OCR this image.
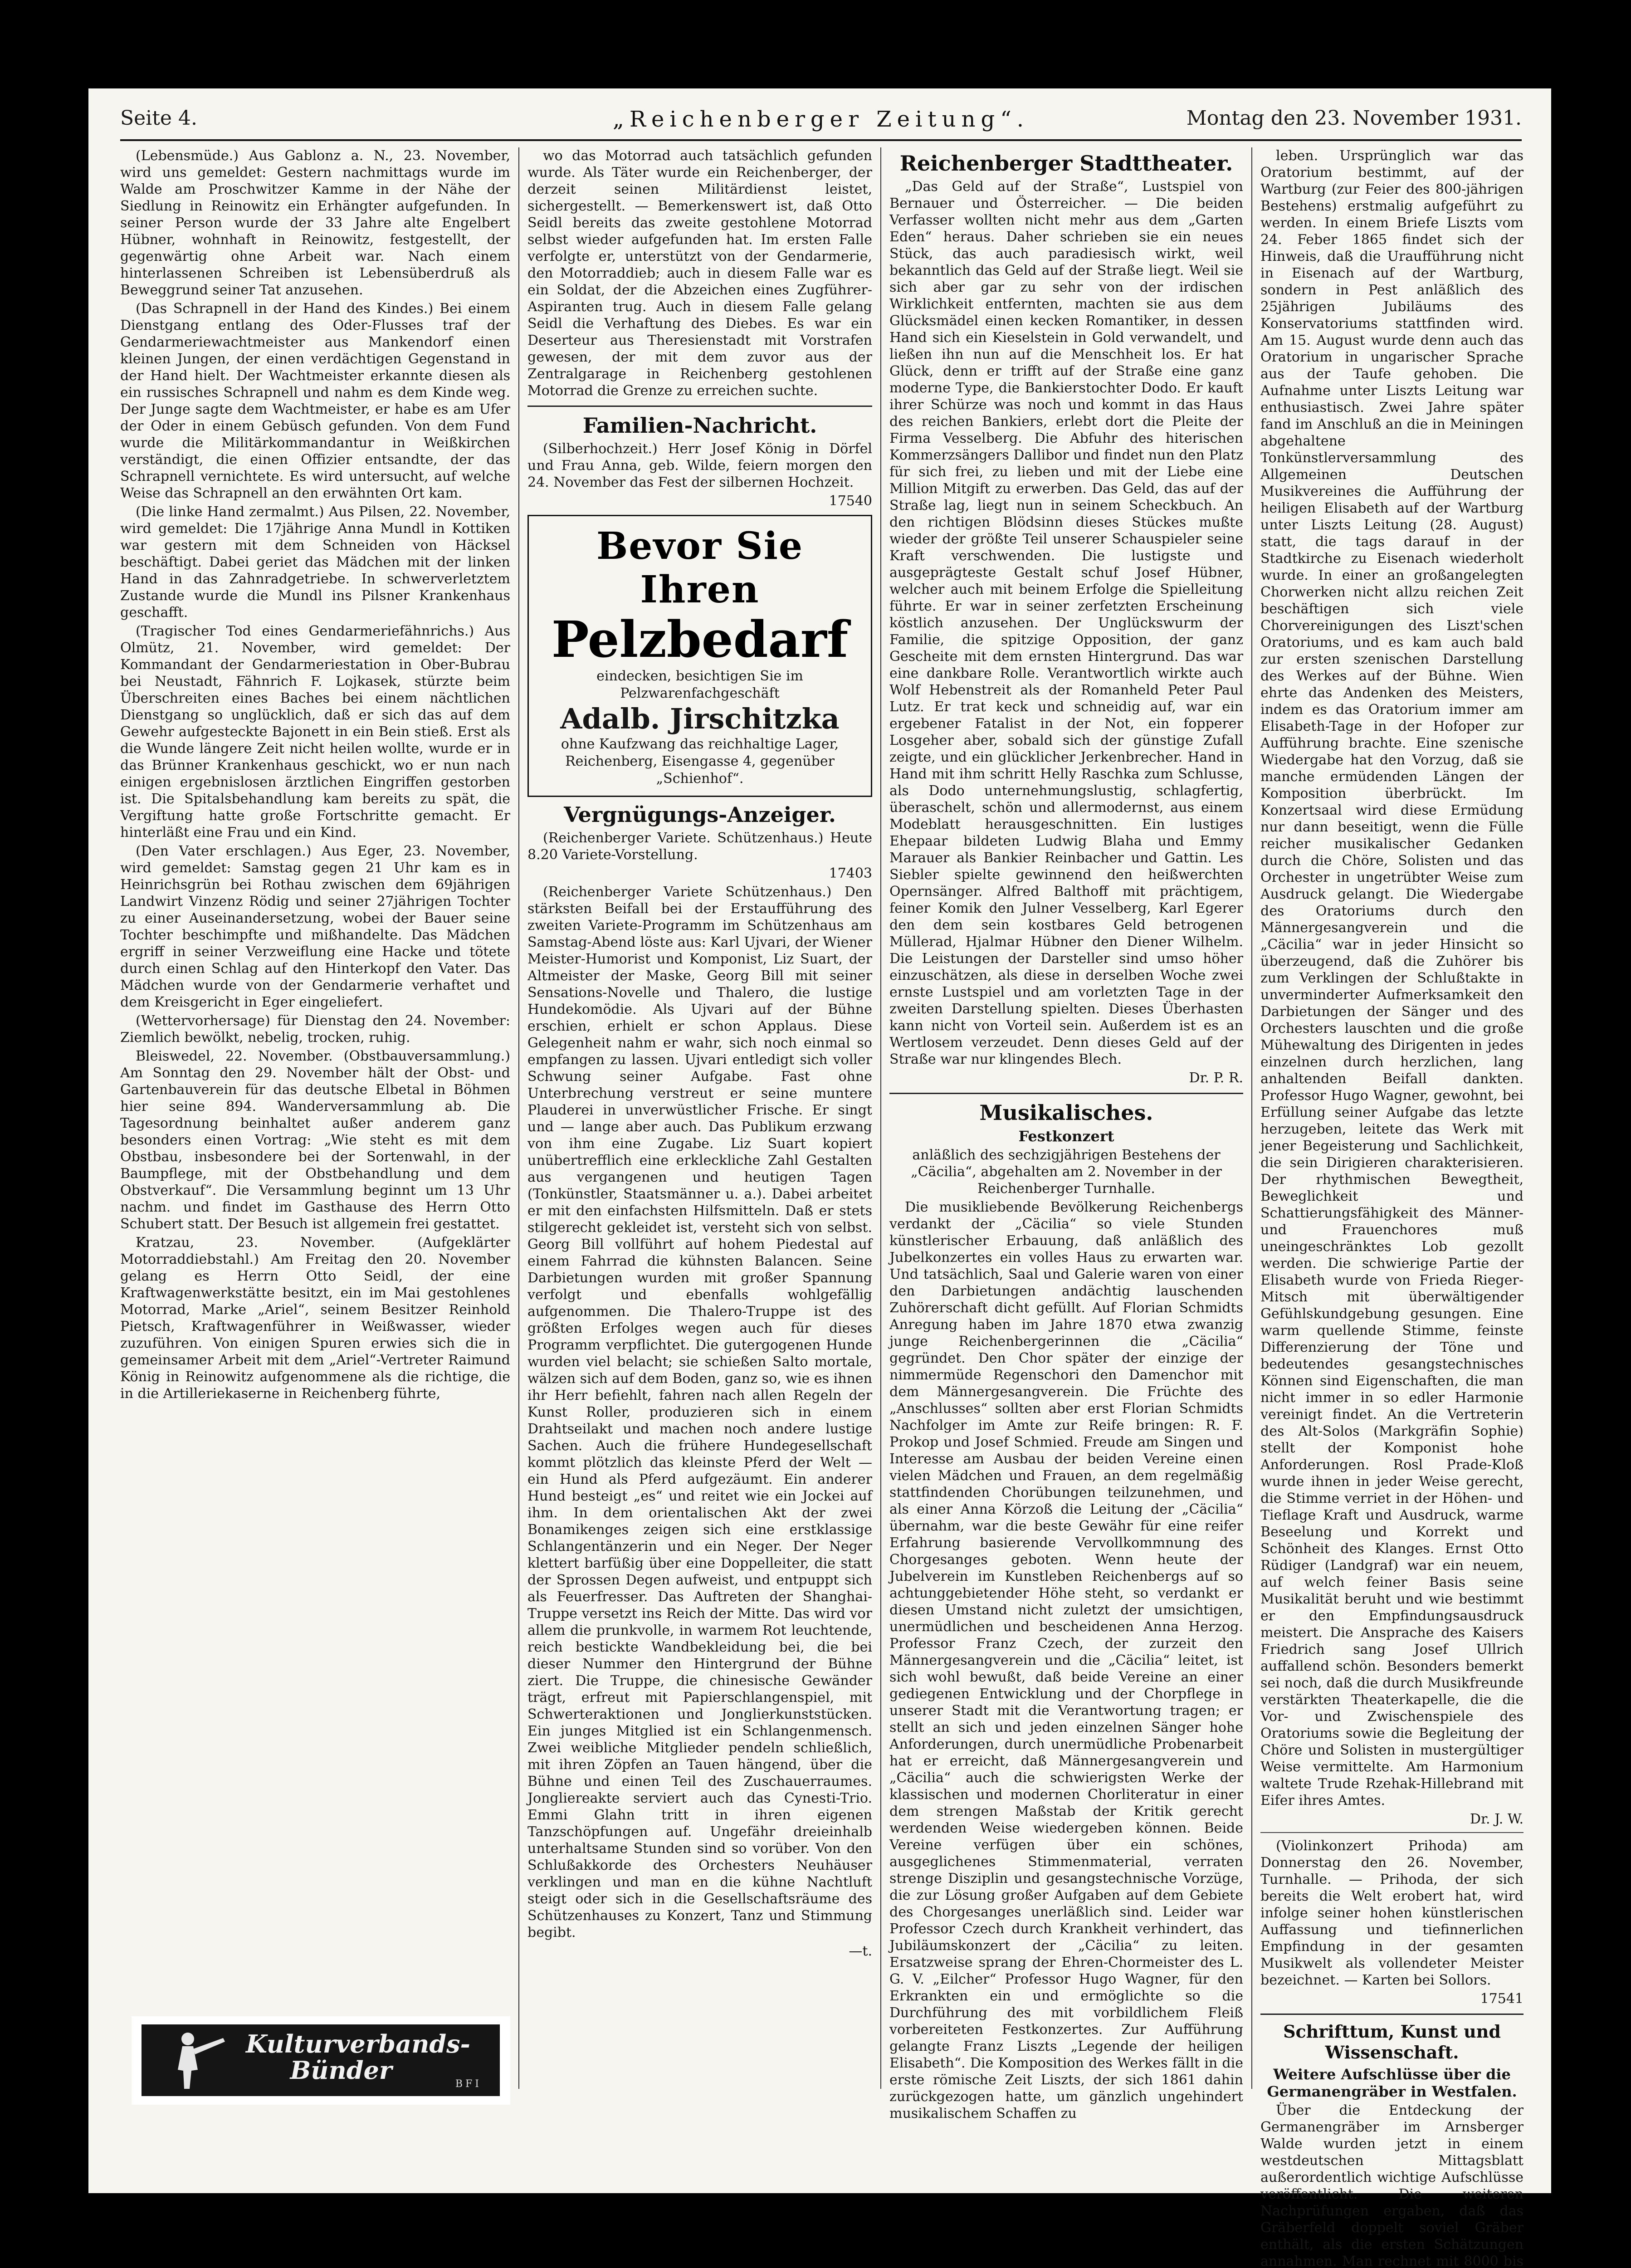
Seite 4.	„Reichenberger Zeitung“.	Montag den 23. November 1931.

(Lebensmüde.) Aus Gablonz a. N., 23. November, wird uns gemeldet: Gestern nachmittags wurde im Walde am Proschwitzer Kamme in der Nähe der Siedlung in Reinowitz ein Erhängter aufgefunden. In seiner Person wurde der 33 Jahre alte Engelbert Hübner, wohnhaft in Reinowitz, festgestellt, der gegenwärtig ohne Arbeit war. Nach einem hinterlassenen Schreiben ist Lebensüberdruß als Beweggrund seiner Tat anzusehen.

(Das Schrapnell in der Hand des Kindes.) Bei einem Dienstgang entlang des Oder-Flusses traf der Gendarmeriewachtmeister aus Mankendorf einen kleinen Jungen, der einen verdächtigen Gegenstand in der Hand hielt. Der Wachtmeister erkannte diesen als ein russisches Schrapnell und nahm es dem Kinde weg. Der Junge sagte dem Wachtmeister, er habe es am Ufer der Oder in einem Gebüsch gefunden. Von dem Fund wurde die Militärkommandantur in Weißkirchen verständigt, die einen Offizier entsandte, der das Schrapnell vernichtete. Es wird untersucht, auf welche Weise das Schrapnell an den erwähnten Ort kam.

(Die linke Hand zermalmt.) Aus Pilsen, 22. November, wird gemeldet: Die 17jährige Anna Mundl in Kottiken war gestern mit dem Schneiden von Häcksel beschäftigt. Dabei geriet das Mädchen mit der linken Hand in das Zahnradgetriebe. In schwerverletztem Zustande wurde die Mundl ins Pilsner Krankenhaus geschafft.

(Tragischer Tod eines Gendarmeriefähnrichs.) Aus Olmütz, 21. November, wird gemeldet: Der Kommandant der Gendarmeriestation in Ober-Bubrau bei Neustadt, Fähnrich F. Lojkasek, stürzte beim Überschreiten eines Baches bei einem nächtlichen Dienstgang so unglücklich, daß er sich das auf dem Gewehr aufgesteckte Bajonett in ein Bein stieß. Erst als die Wunde längere Zeit nicht heilen wollte, wurde er in das Brünner Krankenhaus geschickt, wo er nun nach einigen ergebnislosen ärztlichen Eingriffen gestorben ist. Die Spitalsbehandlung kam bereits zu spät, die Vergiftung hatte große Fortschritte gemacht. Er hinterläßt eine Frau und ein Kind.

(Den Vater erschlagen.) Aus Eger, 23. November, wird gemeldet: Samstag gegen 21 Uhr kam es in Heinrichsgrün bei Rothau zwischen dem 69jährigen Landwirt Vinzenz Rödig und seiner 27jährigen Tochter zu einer Auseinandersetzung, wobei der Bauer seine Tochter beschimpfte und mißhandelte. Das Mädchen ergriff in seiner Verzweiflung eine Hacke und tötete durch einen Schlag auf den Hinterkopf den Vater. Das Mädchen wurde von der Gendarmerie verhaftet und dem Kreisgericht in Eger eingeliefert.

(Wettervorhersage) für Dienstag den 24. November: Ziemlich bewölkt, nebelig, trocken, ruhig.

Bleiswedel, 22. November. (Obstbauversammlung.) Am Sonntag den 29. November hält der Obst- und Gartenbauverein für das deutsche Elbetal in Böhmen hier seine 894. Wanderversammlung ab. Die Tagesordnung beinhaltet außer anderem ganz besonders einen Vortrag: „Wie steht es mit dem Obstbau, insbesondere bei der Sortenwahl, in der Baumpflege, mit der Obstbehandlung und dem Obstverkauf“. Die Versammlung beginnt um 13 Uhr nachm. und findet im Gasthause des Herrn Otto Schubert statt. Der Besuch ist allgemein frei gestattet.

Kratzau, 23. November. (Aufgeklärter Motorraddiebstahl.) Am Freitag den 20. November gelang es Herrn Otto Seidl, der eine Kraftwagenwerkstätte besitzt, ein im Mai gestohlenes Motorrad, Marke „Ariel“, seinem Besitzer Reinhold Pietsch, Kraftwagenführer in Weißwasser, wieder zuzuführen. Von einigen Spuren erwies sich die in gemeinsamer Arbeit mit dem „Ariel“-Vertreter Raimund König in Reinowitz aufgenommene als die richtige, die in die Artilleriekaserne in Reichenberg führte,

Kulturverbands-Bünder	BFI

wo das Motorrad auch tatsächlich gefunden wurde. Als Täter wurde ein Reichenberger, der derzeit seinen Militärdienst leistet, sichergestellt. — Bemerkenswert ist, daß Otto Seidl bereits das zweite gestohlene Motorrad selbst wieder aufgefunden hat. Im ersten Falle verfolgte er, unterstützt von der Gendarmerie, den Motorraddieb; auch in diesem Falle war es ein Soldat, der die Abzeichen eines Zugführer-Aspiranten trug. Auch in diesem Falle gelang Seidl die Verhaftung des Diebes. Es war ein Deserteur aus Theresienstadt mit Vorstrafen gewesen, der mit dem zuvor aus der Zentralgarage in Reichenberg gestohlenen Motorrad die Grenze zu erreichen suchte.

Familien-Nachricht.

(Silberhochzeit.) Herr Josef König in Dörfel und Frau Anna, geb. Wilde, feiern morgen den 24. November das Fest der silbernen Hochzeit.

17540

Bevor Sie Ihren
Pelzbedarf
eindecken, besichtigen Sie im Pelzwarenfachgeschäft
Adalb. Jirschitzka
ohne Kaufzwang das reichhaltige Lager, Reichenberg, Eisengasse 4, gegenüber „Schienhof“.
Vergnügungs-Anzeiger.

(Reichenberger Variete. Schützenhaus.) Heute 8.20 Variete-Vorstellung.

17403

(Reichenberger Variete Schützenhaus.) Den stärksten Beifall bei der Erstaufführung des zweiten Variete-Programm im Schützenhaus am Samstag-Abend löste aus: Karl Ujvari, der Wiener Meister-Humorist und Komponist, Liz Suart, der Altmeister der Maske, Georg Bill mit seiner Sensations-Novelle und Thalero, die lustige Hundekomödie. Als Ujvari auf der Bühne erschien, erhielt er schon Applaus. Diese Gelegenheit nahm er wahr, sich noch einmal so empfangen zu lassen. Ujvari entledigt sich voller Schwung seiner Aufgabe. Fast ohne Unterbrechung verstreut er seine muntere Plauderei in unverwüstlicher Frische. Er singt und — lange aber auch. Das Publikum erzwang von ihm eine Zugabe. Liz Suart kopiert unübertrefflich eine erkleckliche Zahl Gestalten aus vergangenen und heutigen Tagen (Tonkünstler, Staatsmänner u. a.). Dabei arbeitet er mit den einfachsten Hilfsmitteln. Daß er stets stilgerecht gekleidet ist, versteht sich von selbst. Georg Bill vollführt auf hohem Piedestal auf einem Fahrrad die kühnsten Balancen. Seine Darbietungen wurden mit großer Spannung verfolgt und ebenfalls wohlgefällig aufgenommen. Die Thalero-Truppe ist des größten Erfolges wegen auch für dieses Programm verpflichtet. Die gutergogenen Hunde wurden viel belacht; sie schießen Salto mortale, wälzen sich auf dem Boden, ganz so, wie es ihnen ihr Herr befiehlt, fahren nach allen Regeln der Kunst Roller, produzieren sich in einem Drahtseilakt und machen noch andere lustige Sachen. Auch die frühere Hundegesellschaft kommt plötzlich das kleinste Pferd der Welt — ein Hund als Pferd aufgezäumt. Ein anderer Hund besteigt „es“ und reitet wie ein Jockei auf ihm. In dem orientalischen Akt der zwei Bonamikenges zeigen sich eine erstklassige Schlangentänzerin und ein Neger. Der Neger klettert barfüßig über eine Doppelleiter, die statt der Sprossen Degen aufweist, und entpuppt sich als Feuerfresser. Das Auftreten der Shanghai-Truppe versetzt ins Reich der Mitte. Das wird vor allem die prunkvolle, in warmem Rot leuchtende, reich bestickte Wandbekleidung bei, die bei dieser Nummer den Hintergrund der Bühne ziert. Die Truppe, die chinesische Gewänder trägt, erfreut mit Papierschlangenspiel, mit Schwerteraktionen und Jonglierkunststücken. Ein junges Mitglied ist ein Schlangenmensch. Zwei weibliche Mitglieder pendeln schließlich, mit ihren Zöpfen an Tauen hängend, über die Bühne und einen Teil des Zuschauerraumes. Jongliereakte serviert auch das Cynesti-Trio. Emmi Glahn tritt in ihren eigenen Tanzschöpfungen auf. Ungefähr dreieinhalb unterhaltsame Stunden sind so vorüber. Von den Schlußakkorde des Orchesters Neuhäuser verklingen und man en die kühne Nachtluft steigt oder sich in die Gesellschaftsräume des Schützenhauses zu Konzert, Tanz und Stimmung begibt.

—t.

Reichenberger Stadttheater.

„Das Geld auf der Straße“, Lustspiel von Bernauer und Österreicher. — Die beiden Verfasser wollten nicht mehr aus dem „Garten Eden“ heraus. Daher schrieben sie ein neues Stück, das auch paradiesisch wirkt, weil bekanntlich das Geld auf der Straße liegt. Weil sie sich aber gar zu sehr von der irdischen Wirklichkeit entfernten, machten sie aus dem Glücksmädel einen kecken Romantiker, in dessen Hand sich ein Kieselstein in Gold verwandelt, und ließen ihn nun auf die Menschheit los. Er hat Glück, denn er trifft auf der Straße eine ganz moderne Type, die Bankierstochter Dodo. Er kauft ihrer Schürze was noch und kommt in das Haus des reichen Bankiers, erlebt dort die Pleite der Firma Vesselberg. Die Abfuhr des hiterischen Kommerzsängers Dallibor und findet nun den Platz für sich frei, zu lieben und mit der Liebe eine Million Mitgift zu erwerben. Das Geld, das auf der Straße lag, liegt nun in seinem Scheckbuch. An den richtigen Blödsinn dieses Stückes mußte wieder der größte Teil unserer Schauspieler seine Kraft verschwenden. Die lustigste und ausgeprägteste Gestalt schuf Josef Hübner, welcher auch mit beinem Erfolge die Spielleitung führte. Er war in seiner zerfetzten Erscheinung köstlich anzusehen. Der Unglückswurm der Familie, die spitzige Opposition, der ganz Gescheite mit dem ernsten Hintergrund. Das war eine dankbare Rolle. Verantwortlich wirkte auch Wolf Hebenstreit als der Romanheld Peter Paul Lutz. Er trat keck und schneidig auf, war ein ergebener Fatalist in der Not, ein fopperer Losgeher aber, sobald sich der günstige Zufall zeigte, und ein glücklicher Jerkenbrecher. Hand in Hand mit ihm schritt Helly Raschka zum Schlusse, als Dodo unternehmungslustig, schlagfertig, überaschelt, schön und allermodernst, aus einem Modeblatt herausgeschnitten. Ein lustiges Ehepaar bildeten Ludwig Blaha und Emmy Marauer als Bankier Reinbacher und Gattin. Les Siebler spielte gewinnend den heißwerchten Opernsänger. Alfred Balthoff mit prächtigem, feiner Komik den Julner Vesselberg, Karl Egerer den dem sein kostbares Geld betrogenen Müllerad, Hjalmar Hübner den Diener Wilhelm. Die Leistungen der Darsteller sind umso höher einzuschätzen, als diese in derselben Woche zwei ernste Lustspiel und am vorletzten Tage in der zweiten Darstellung spielten. Dieses Überhasten kann nicht von Vorteil sein. Außerdem ist es an Wertlosem verzeudet. Denn dieses Geld auf der Straße war nur klingendes Blech.

Dr. P. R.

Musikalisches.
Festkonzert

anläßlich des sechzigjährigen Bestehens der „Cäcilia“, abgehalten am 2. November in der Reichenberger Turnhalle.

Die musikliebende Bevölkerung Reichenbergs verdankt der „Cäcilia“ so viele Stunden künstlerischer Erbauung, daß anläßlich des Jubelkonzertes ein volles Haus zu erwarten war. Und tatsächlich, Saal und Galerie waren von einer den Darbietungen andächtig lauschenden Zuhörerschaft dicht gefüllt. Auf Florian Schmidts Anregung haben im Jahre 1870 etwa zwanzig junge Reichenbergerinnen die „Cäcilia“ gegründet. Den Chor später der einzige der nimmermüde Regenschori den Damenchor mit dem Männergesangverein. Die Früchte des „Anschlusses“ sollten aber erst Florian Schmidts Nachfolger im Amte zur Reife bringen: R. F. Prokop und Josef Schmied. Freude am Singen und Interesse am Ausbau der beiden Vereine einen vielen Mädchen und Frauen, an dem regelmäßig stattfindenden Chorübungen teilzunehmen, und als einer Anna Körzoß die Leitung der „Cäcilia“ übernahm, war die beste Gewähr für eine reifer Erfahrung basierende Vervollkommnung des Chorgesanges geboten. Wenn heute der Jubelverein im Kunstleben Reichenbergs auf so achtunggebietender Höhe steht, so verdankt er diesen Umstand nicht zuletzt der umsichtigen, unermüdlichen und bescheidenen Anna Herzog. Professor Franz Czech, der zurzeit den Männergesangverein und die „Cäcilia“ leitet, ist sich wohl bewußt, daß beide Vereine an einer gediegenen Entwicklung und der Chorpflege in unserer Stadt mit die Verantwortung tragen; er stellt an sich und jeden einzelnen Sänger hohe Anforderungen, durch unermüdliche Probenarbeit hat er erreicht, daß Männergesangverein und „Cäcilia“ auch die schwierigsten Werke der klassischen und modernen Chorliteratur in einer dem strengen Maßstab der Kritik gerecht werdenden Weise wiedergeben können. Beide Vereine verfügen über ein schönes, ausgeglichenes Stimmenmaterial, verraten strenge Disziplin und gesangstechnische Vorzüge, die zur Lösung großer Aufgaben auf dem Gebiete des Chorgesanges unerläßlich sind. Leider war Professor Czech durch Krankheit verhindert, das Jubiläumskonzert der „Cäcilia“ zu leiten. Ersatzweise sprang der Ehren-Chormeister des L. G. V. „Eilcher“ Professor Hugo Wagner, für den Erkrankten ein und ermöglichte so die Durchführung des mit vorbildlichem Fleiß vorbereiteten Festkonzertes. Zur Aufführung gelangte Franz Liszts „Legende der heiligen Elisabeth“. Die Komposition des Werkes fällt in die erste römische Zeit Liszts, der sich 1861 dahin zurückgezogen hatte, um gänzlich ungehindert musikalischem Schaffen zu

leben. Ursprünglich war das Oratorium bestimmt, auf der Wartburg (zur Feier des 800-jährigen Bestehens) erstmalig aufgeführt zu werden. In einem Briefe Liszts vom 24. Feber 1865 findet sich der Hinweis, daß die Uraufführung nicht in Eisenach auf der Wartburg, sondern in Pest anläßlich des 25jährigen Jubiläums des Konservatoriums stattfinden wird. Am 15. August wurde denn auch das Oratorium in ungarischer Sprache aus der Taufe gehoben. Die Aufnahme unter Liszts Leitung war enthusiastisch. Zwei Jahre später fand im Anschluß an die in Meiningen abgehaltene Tonkünstlerversammlung des Allgemeinen Deutschen Musikvereines die Aufführung der heiligen Elisabeth auf der Wartburg unter Liszts Leitung (28. August) statt, die tags darauf in der Stadtkirche zu Eisenach wiederholt wurde. In einer an großangelegten Chorwerken nicht allzu reichen Zeit beschäftigen sich viele Chorvereinigungen des Liszt'schen Oratoriums, und es kam auch bald zur ersten szenischen Darstellung des Werkes auf der Bühne. Wien ehrte das Andenken des Meisters, indem es das Oratorium immer am Elisabeth-Tage in der Hofoper zur Aufführung brachte. Eine szenische Wiedergabe hat den Vorzug, daß sie manche ermüdenden Längen der Komposition überbrückt. Im Konzertsaal wird diese Ermüdung nur dann beseitigt, wenn die Fülle reicher musikalischer Gedanken durch die Chöre, Solisten und das Orchester in ungetrübter Weise zum Ausdruck gelangt. Die Wiedergabe des Oratoriums durch den Männergesangverein und die „Cäcilia“ war in jeder Hinsicht so überzeugend, daß die Zuhörer bis zum Verklingen der Schlußtakte in unverminderter Aufmerksamkeit den Darbietungen der Sänger und des Orchesters lauschten und die große Mühewaltung des Dirigenten in jedes einzelnen durch herzlichen, lang anhaltenden Beifall dankten. Professor Hugo Wagner, gewohnt, bei Erfüllung seiner Aufgabe das letzte herzugeben, leitete das Werk mit jener Begeisterung und Sachlichkeit, die sein Dirigieren charakterisieren. Der rhythmischen Bewegtheit, Beweglichkeit und Schattierungsfähigkeit des Männer- und Frauenchores muß uneingeschränktes Lob gezollt werden. Die schwierige Partie der Elisabeth wurde von Frieda Rieger-Mitsch mit überwältigender Gefühlskundgebung gesungen. Eine warm quellende Stimme, feinste Differenzierung der Töne und bedeutendes gesangstechnisches Können sind Eigenschaften, die man nicht immer in so edler Harmonie vereinigt findet. An die Vertreterin des Alt-Solos (Markgräfin Sophie) stellt der Komponist hohe Anforderungen. Rosl Prade-Kloß wurde ihnen in jeder Weise gerecht, die Stimme verriet in der Höhen- und Tieflage Kraft und Ausdruck, warme Beseelung und Korrekt und Schönheit des Klanges. Ernst Otto Rüdiger (Landgraf) war ein neuem, auf welch feiner Basis seine Musikalität beruht und wie bestimmt er den Empfindungsausdruck meistert. Die Ansprache des Kaisers Friedrich sang Josef Ullrich auffallend schön. Besonders bemerkt sei noch, daß die durch Musikfreunde verstärkten Theaterkapelle, die die Vor- und Zwischenspiele des Oratoriums sowie die Begleitung der Chöre und Solisten in mustergültiger Weise vermittelte. Am Harmonium waltete Trude Rzehak-Hillebrand mit Eifer ihres Amtes.

Dr. J. W.

(Violinkonzert Prihoda) am Donnerstag den 26. November, Turnhalle. — Prihoda, der sich bereits die Welt erobert hat, wird infolge seiner hohen künstlerischen Auffassung und tiefinnerlichen Empfindung in der gesamten Musikwelt als vollendeter Meister bezeichnet. — Karten bei Sollors.

17541

Schrifttum, Kunst und Wissenschaft.
Weitere Aufschlüsse über die Germanengräber in Westfalen.

Über die Entdeckung der Germanengräber im Arnsberger Walde wurden jetzt in einem westdeutschen Mittagsblatt außerordentlich wichtige Aufschlüsse veröffentlicht. Die weiteren Nachprüfungen ergaben, daß das Gräberfeld doppelt soviel Gräber enthält, als die ersten Schätzungen annahmen. Man rechnet mit 8000 bis
